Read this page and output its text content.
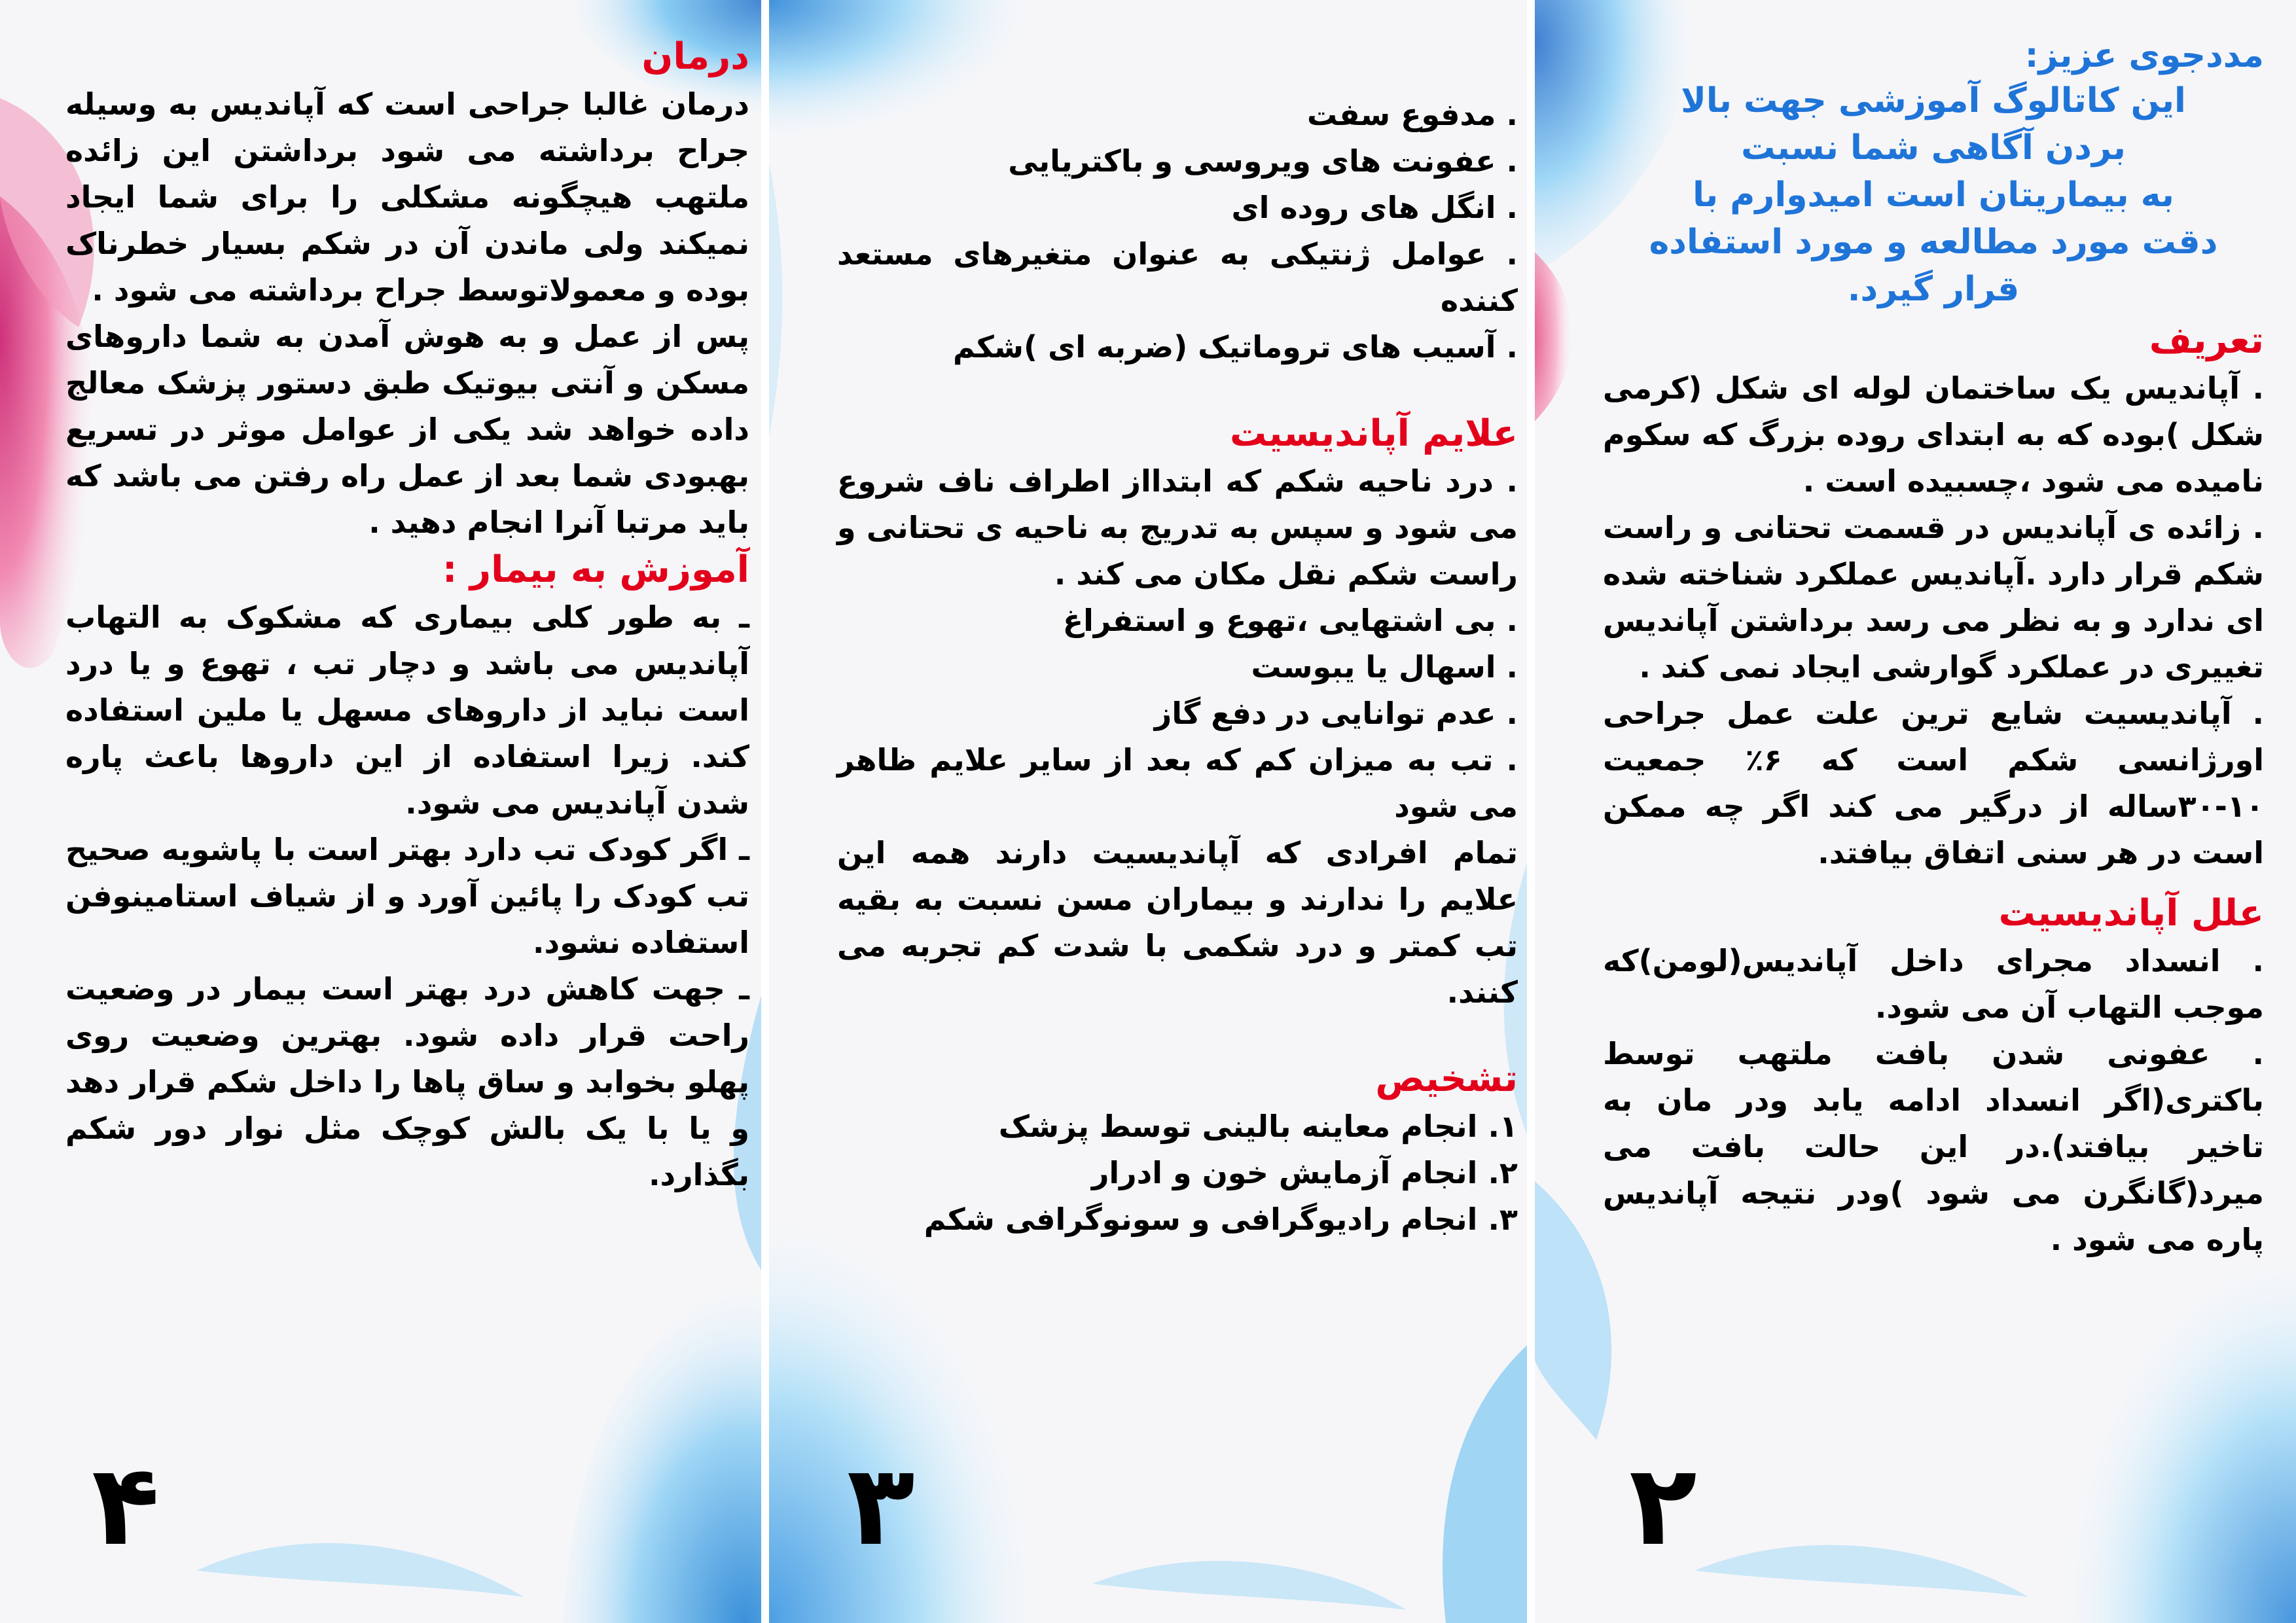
درمان

درمان غالبا جراحی است که آپاندیس به وسیله جراح برداشته می شود برداشتن این زائده ملتهب هیچگونه مشکلی را برای شما ایجاد نمیکند ولی ماندن آن در شکم بسیار خطرناک بوده و معمولاتوسط جراح برداشته می شود .

پس از عمل و به هوش آمدن به شما داروهای مسکن و آنتی بیوتیک طبق دستور پزشک معالج داده خواهد شد یکی از عوامل موثر در تسریع بهبودی شما بعد از عمل راه رفتن می باشد که باید مرتبا آنرا انجام دهید .

آموزش به بیمار :

ـ به طور کلی بیماری که مشکوک به التهاب آپاندیس می باشد و دچار تب ، تهوع و یا درد است نباید از داروهای مسهل یا ملین استفاده کند. زیرا استفاده از این داروها باعث پاره شدن آپاندیس می شود.

ـ اگر کودک تب دارد بهتر است با پاشویه صحیح تب کودک را پائین آورد و از شیاف استامینوفن استفاده نشود.

ـ جهت کاهش درد بهتر است بیمار در وضعیت راحت قرار داده شود. بهترین وضعیت روی پهلو بخوابد و ساق پاها را داخل شکم قرار دهد و یا با یک بالش کوچک مثل نوار دور شکم بگذارد.

۴

. مدفوع سفت

. عفونت های ویروسی و باکتریایی

. انگل های روده ای

. عوامل ژنتیکی به عنوان متغیرهای مستعد کننده

. آسیب های تروماتیک (ضربه ای )شکم

علایم آپاندیسیت

. درد ناحیه شکم که ابتدااز اطراف ناف شروع می شود و سپس به تدریج به ناحیه ی تحتانی و راست شکم نقل مکان می کند .

. بی اشتهایی ،تهوع و استفراغ

. اسهال یا یبوست

. عدم توانایی در دفع گاز

. تب به میزان کم که بعد از سایر علایم ظاهر می شود

تمام افرادی که آپاندیسیت دارند همه این علایم را ندارند و بیماران مسن نسبت به بقیه تب کمتر و درد شکمی با شدت کم تجربه می کنند.

تشخیص

۱. انجام معاینه بالینی توسط پزشک
۲. انجام آزمایش خون و ادرار
۳. انجام رادیوگرافی و سونوگرافی شکم
۳

مددجوی عزیز:

این کاتالوگ آموزشی جهت بالا
بردن آگاهی شما نسبت
به بیماریتان است امیدوارم با
دقت مورد مطالعه و مورد استفاده
قرار گیرد.

تعریف

. آپاندیس یک ساختمان لوله ای شکل (کرمی شکل )بوده که به ابتدای روده بزرگ که سکوم نامیده می شود ،چسبیده است .

. زائده ی آپاندیس در قسمت تحتانی و راست شکم قرار دارد .آپاندیس عملکرد شناخته شده ای ندارد و به نظر می رسد برداشتن آپاندیس تغییری در عملکرد گوارشی ایجاد نمی کند .

. آپاندیسیت شایع ترین علت عمل جراحی اورژانسی شکم است که ۶٪ جمعیت ۱۰-۳۰ساله از درگیر می کند اگر چه ممکن است در هر سنی اتفاق بیافتد.

علل آپاندیسیت

. انسداد مجرای داخل آپاندیس(لومن)که موجب التهاب آن می شود.

. عفونی شدن بافت ملتهب توسط باکتری(اگر انسداد ادامه یابد ودر مان به تاخیر بیافتد).در این حالت بافت می میرد(گانگرن می شود )ودر نتیجه آپاندیس پاره می شود .

۲
